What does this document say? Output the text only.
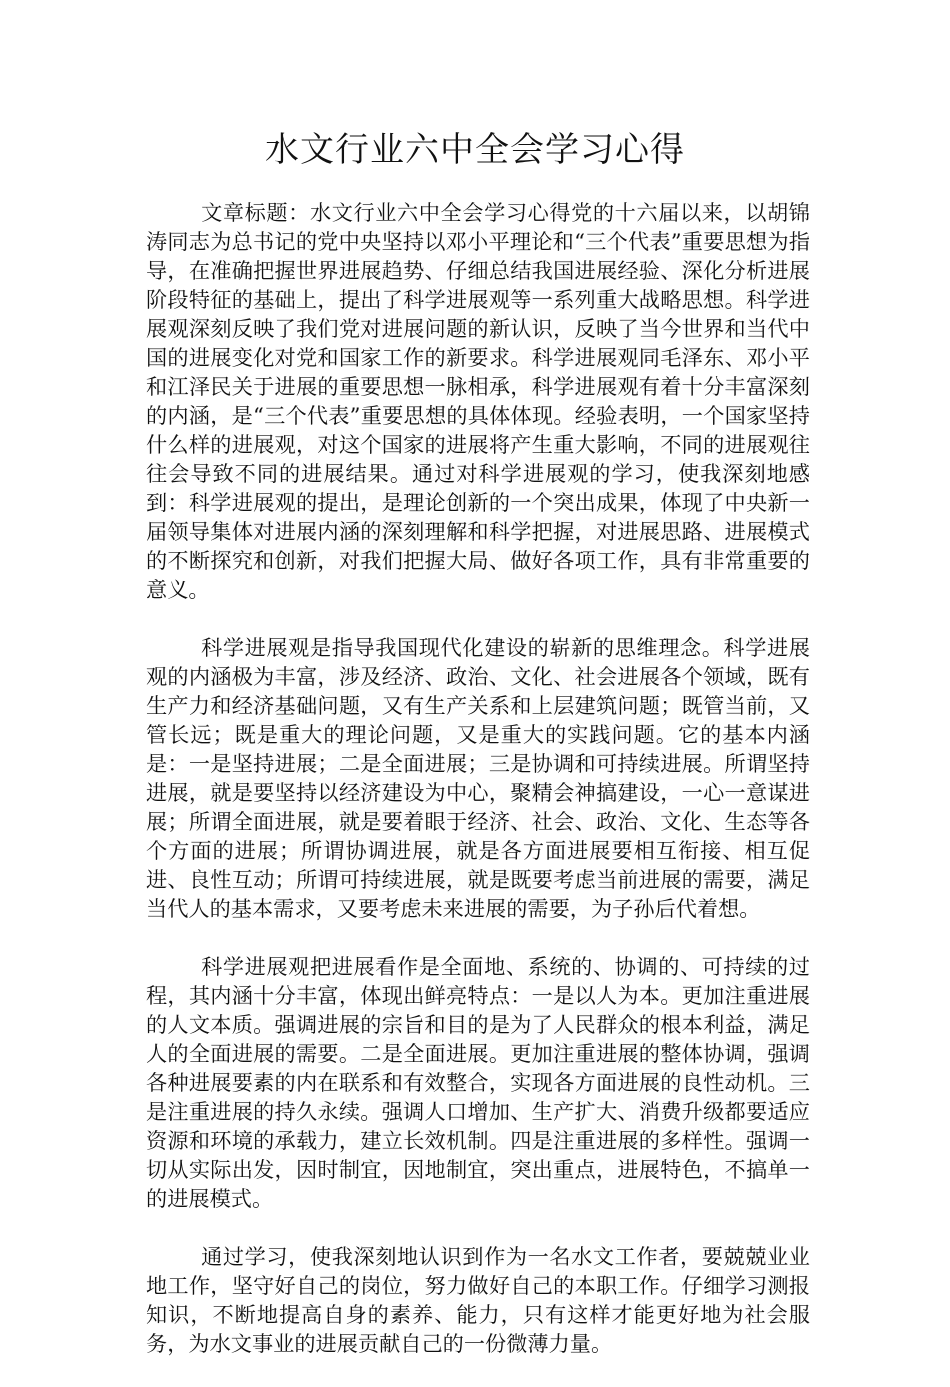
水文行业六中全会学习心得

文章标题：水文行业六中全会学习心得党的十六届以来，以胡锦涛同志为总书记的党中央坚持以邓小平理论和“三个代表”重要思想为指导，在准确把握世界进展趋势、仔细总结我国进展经验、深化分析进展阶段特征的基础上，提出了科学进展观等一系列重大战略思想。科学进展观深刻反映了我们党对进展问题的新认识，反映了当今世界和当代中国的进展变化对党和国家工作的新要求。科学进展观同毛泽东、邓小平和江泽民关于进展的重要思想一脉相承，科学进展观有着十分丰富深刻的内涵，是“三个代表”重要思想的具体体现。经验表明，一个国家坚持什么样的进展观，对这个国家的进展将产生重大影响，不同的进展观往往会导致不同的进展结果。通过对科学进展观的学习，使我深刻地感到：科学进展观的提出，是理论创新的一个突出成果，体现了中央新一届领导集体对进展内涵的深刻理解和科学把握，对进展思路、进展模式的不断探究和创新，对我们把握大局、做好各项工作，具有非常重要的意义。

科学进展观是指导我国现代化建设的崭新的思维理念。科学进展观的内涵极为丰富，涉及经济、政治、文化、社会进展各个领域，既有生产力和经济基础问题，又有生产关系和上层建筑问题；既管当前，又管长远；既是重大的理论问题，又是重大的实践问题。它的基本内涵是：一是坚持进展；二是全面进展；三是协调和可持续进展。所谓坚持进展，就是要坚持以经济建设为中心，聚精会神搞建设，一心一意谋进展；所谓全面进展，就是要着眼于经济、社会、政治、文化、生态等各个方面的进展；所谓协调进展，就是各方面进展要相互衔接、相互促进、良性互动；所谓可持续进展，就是既要考虑当前进展的需要，满足当代人的基本需求，又要考虑未来进展的需要，为子孙后代着想。

科学进展观把进展看作是全面地、系统的、协调的、可持续的过程，其内涵十分丰富，体现出鲜亮特点：一是以人为本。更加注重进展的人文本质。强调进展的宗旨和目的是为了人民群众的根本利益，满足人的全面进展的需要。二是全面进展。更加注重进展的整体协调，强调各种进展要素的内在联系和有效整合，实现各方面进展的良性动机。三是注重进展的持久永续。强调人口增加、生产扩大、消费升级都要适应资源和环境的承载力，建立长效机制。四是注重进展的多样性。强调一切从实际出发，因时制宜，因地制宜，突出重点，进展特色，不搞单一的进展模式。

通过学习，使我深刻地认识到作为一名水文工作者，要兢兢业业地工作，坚守好自己的岗位，努力做好自己的本职工作。仔细学习测报知识，不断地提高自身的素养、能力，只有这样才能更好地为社会服务，为水文事业的进展贡献自己的一份微薄力量。
